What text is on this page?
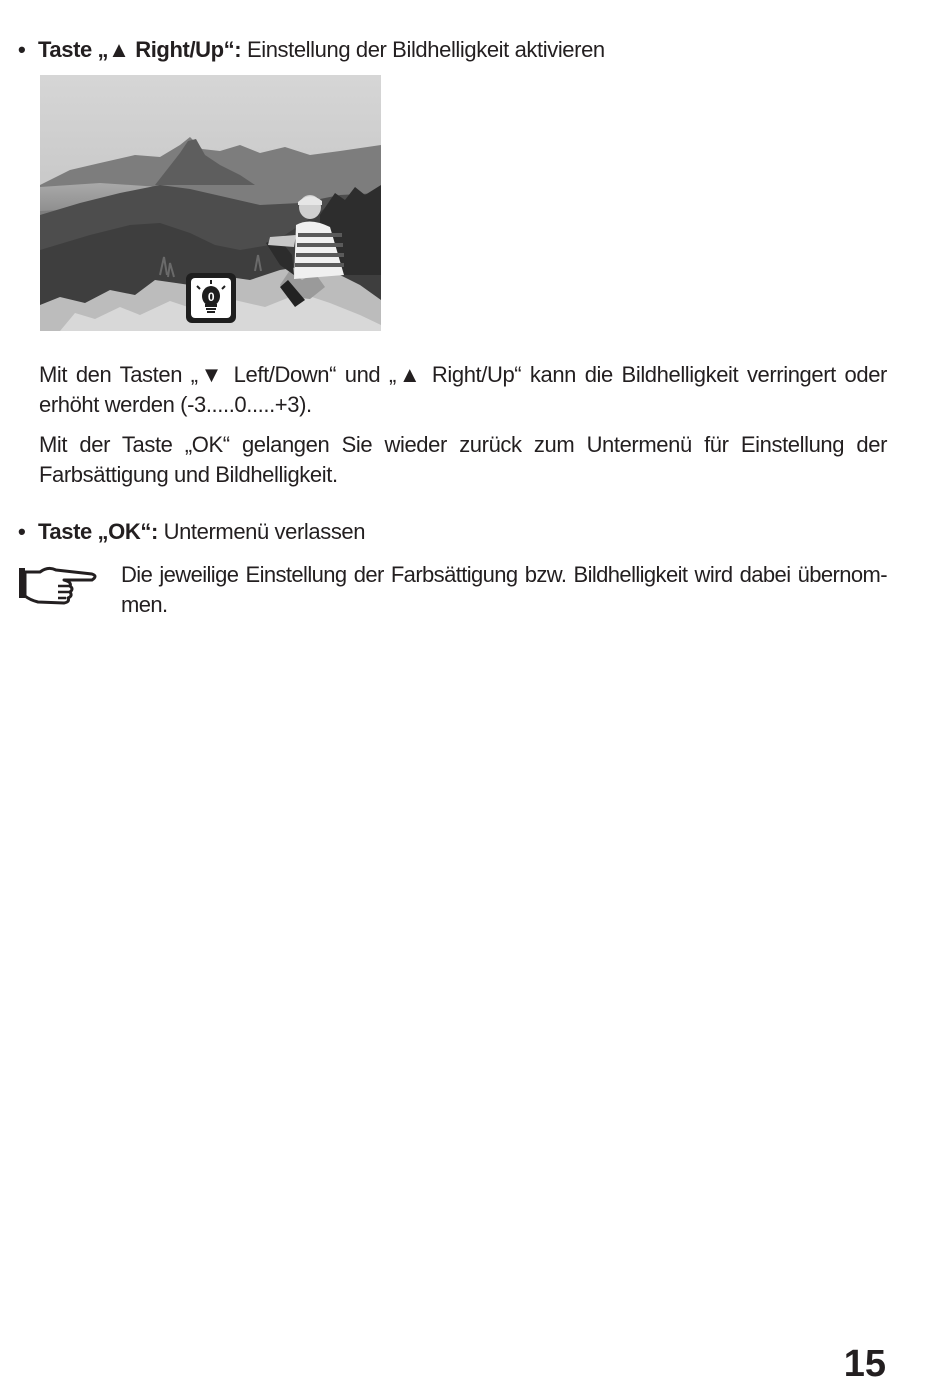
• Taste „▲ Right/Up“: Einstellung der Bildhelligkeit aktivieren
0
Mit den Tasten „▼ Left/Down“ und „▲ Right/Up“ kann die Bildhelligkeit verringert oder erhöht werden (-3.....0.....+3).
Mit der Taste „OK“ gelangen Sie wieder zurück zum Untermenü für Einstellung der Farbsättigung und Bildhelligkeit.
• Taste „OK“: Untermenü verlassen
Die jeweilige Einstellung der Farbsättigung bzw. Bildhelligkeit wird dabei übernom-men.
15
